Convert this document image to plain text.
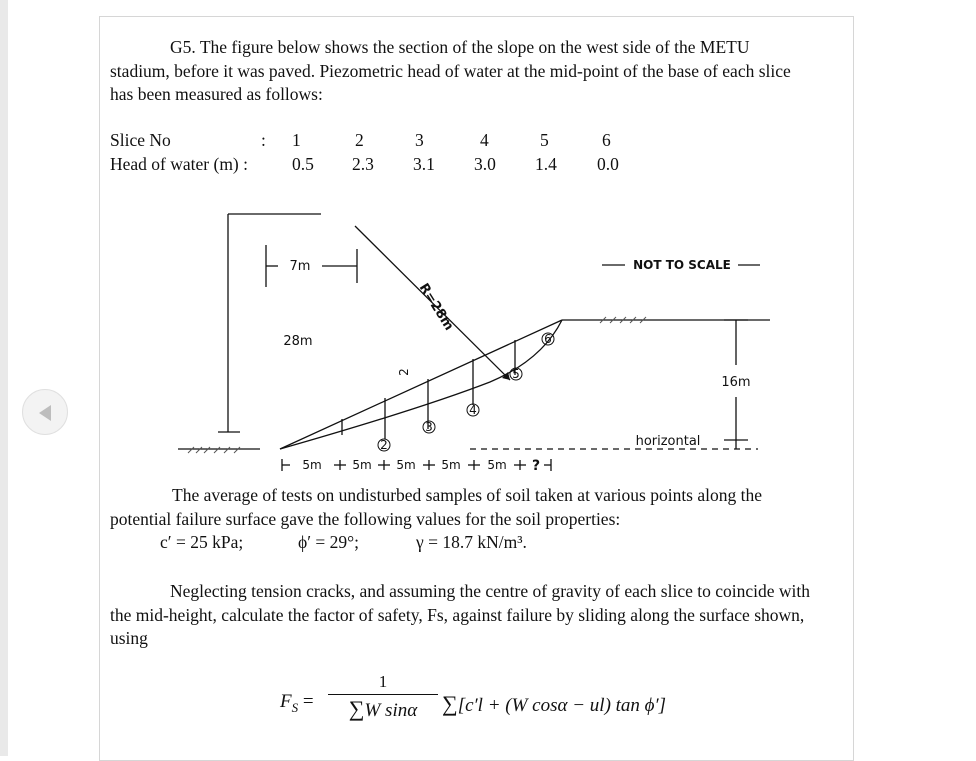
G5. The figure below shows the section of the slope on the west side of the METU stadium, before it was paved. Piezometric head of water at the mid-point of the base of each slice has been measured as follows:

Slice No	: 1	2	3	4	5	6
Head of water (m) :	0.5 2.3 3.1 3.0 1.4 0.0
2
3
4
5
6
2
28m
7m
16m
NOT TO SCALE
horizontal
R=28m
5m	5m 5m 5m 5m ?

The average of tests on undisturbed samples of soil taken at various points along the potential failure surface gave the following values for the soil properties:

c′ = 25 kPa;	ϕ′ = 29°;	γ = 18.7 kN/m³.

Neglecting tension cracks, and assuming the centre of gravity of each slice to coincide with the mid-height, calculate the factor of safety, Fs, against failure by sliding along the surface shown, using

$F_S$ =
1
∑W sinα	∑[c′l + (W cosα − ul) tan ϕ′]
